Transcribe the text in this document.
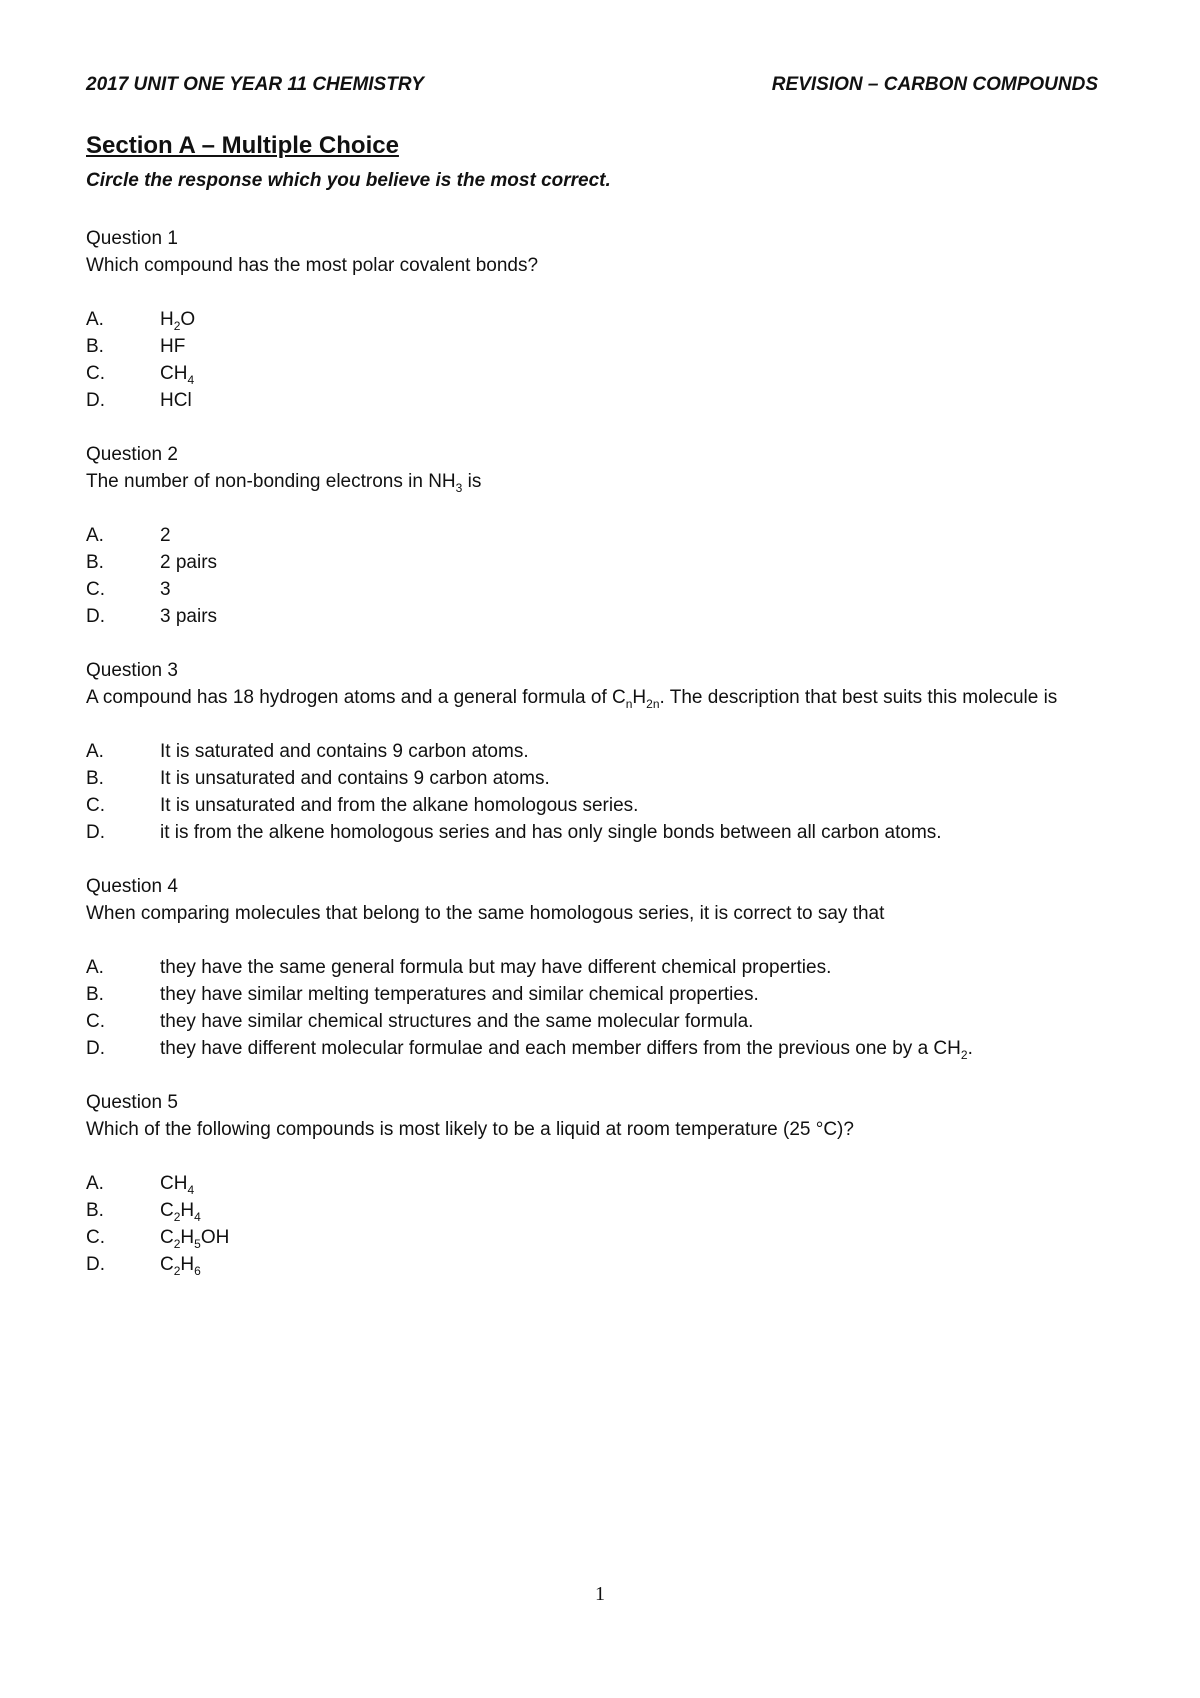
2017 UNIT ONE YEAR 11 CHEMISTRY	REVISION – CARBON COMPOUNDS
Section A – Multiple Choice
Circle the response which you believe is the most correct.
Question 1
Which compound has the most polar covalent bonds?
A.	$H_2O$
B.	HF
C.	$CH_4$
D.	HCl
Question 2
The number of non-bonding electrons in $NH_3$ is
A.	2
B.	2 pairs
C.	3
D.	3 pairs
Question 3
A compound has 18 hydrogen atoms and a general formula of $C_nH_{2n}$. The description that best suits this molecule is
A.	It is saturated and contains 9 carbon atoms.
B.	It is unsaturated and contains 9 carbon atoms.
C.	It is unsaturated and from the alkane homologous series.
D.	it is from the alkene homologous series and has only single bonds between all carbon atoms.
Question 4
When comparing molecules that belong to the same homologous series, it is correct to say that
A.	they have the same general formula but may have different chemical properties.
B.	they have similar melting temperatures and similar chemical properties.
C.	they have similar chemical structures and the same molecular formula.
D.	they have different molecular formulae and each member differs from the previous one by a $CH_2$.
Question 5
Which of the following compounds is most likely to be a liquid at room temperature (25 °C)?
A.	$CH_4$
B.	$C_2H_4$
C.	$C_2H_5OH$
D.	$C_2H_6$
1
